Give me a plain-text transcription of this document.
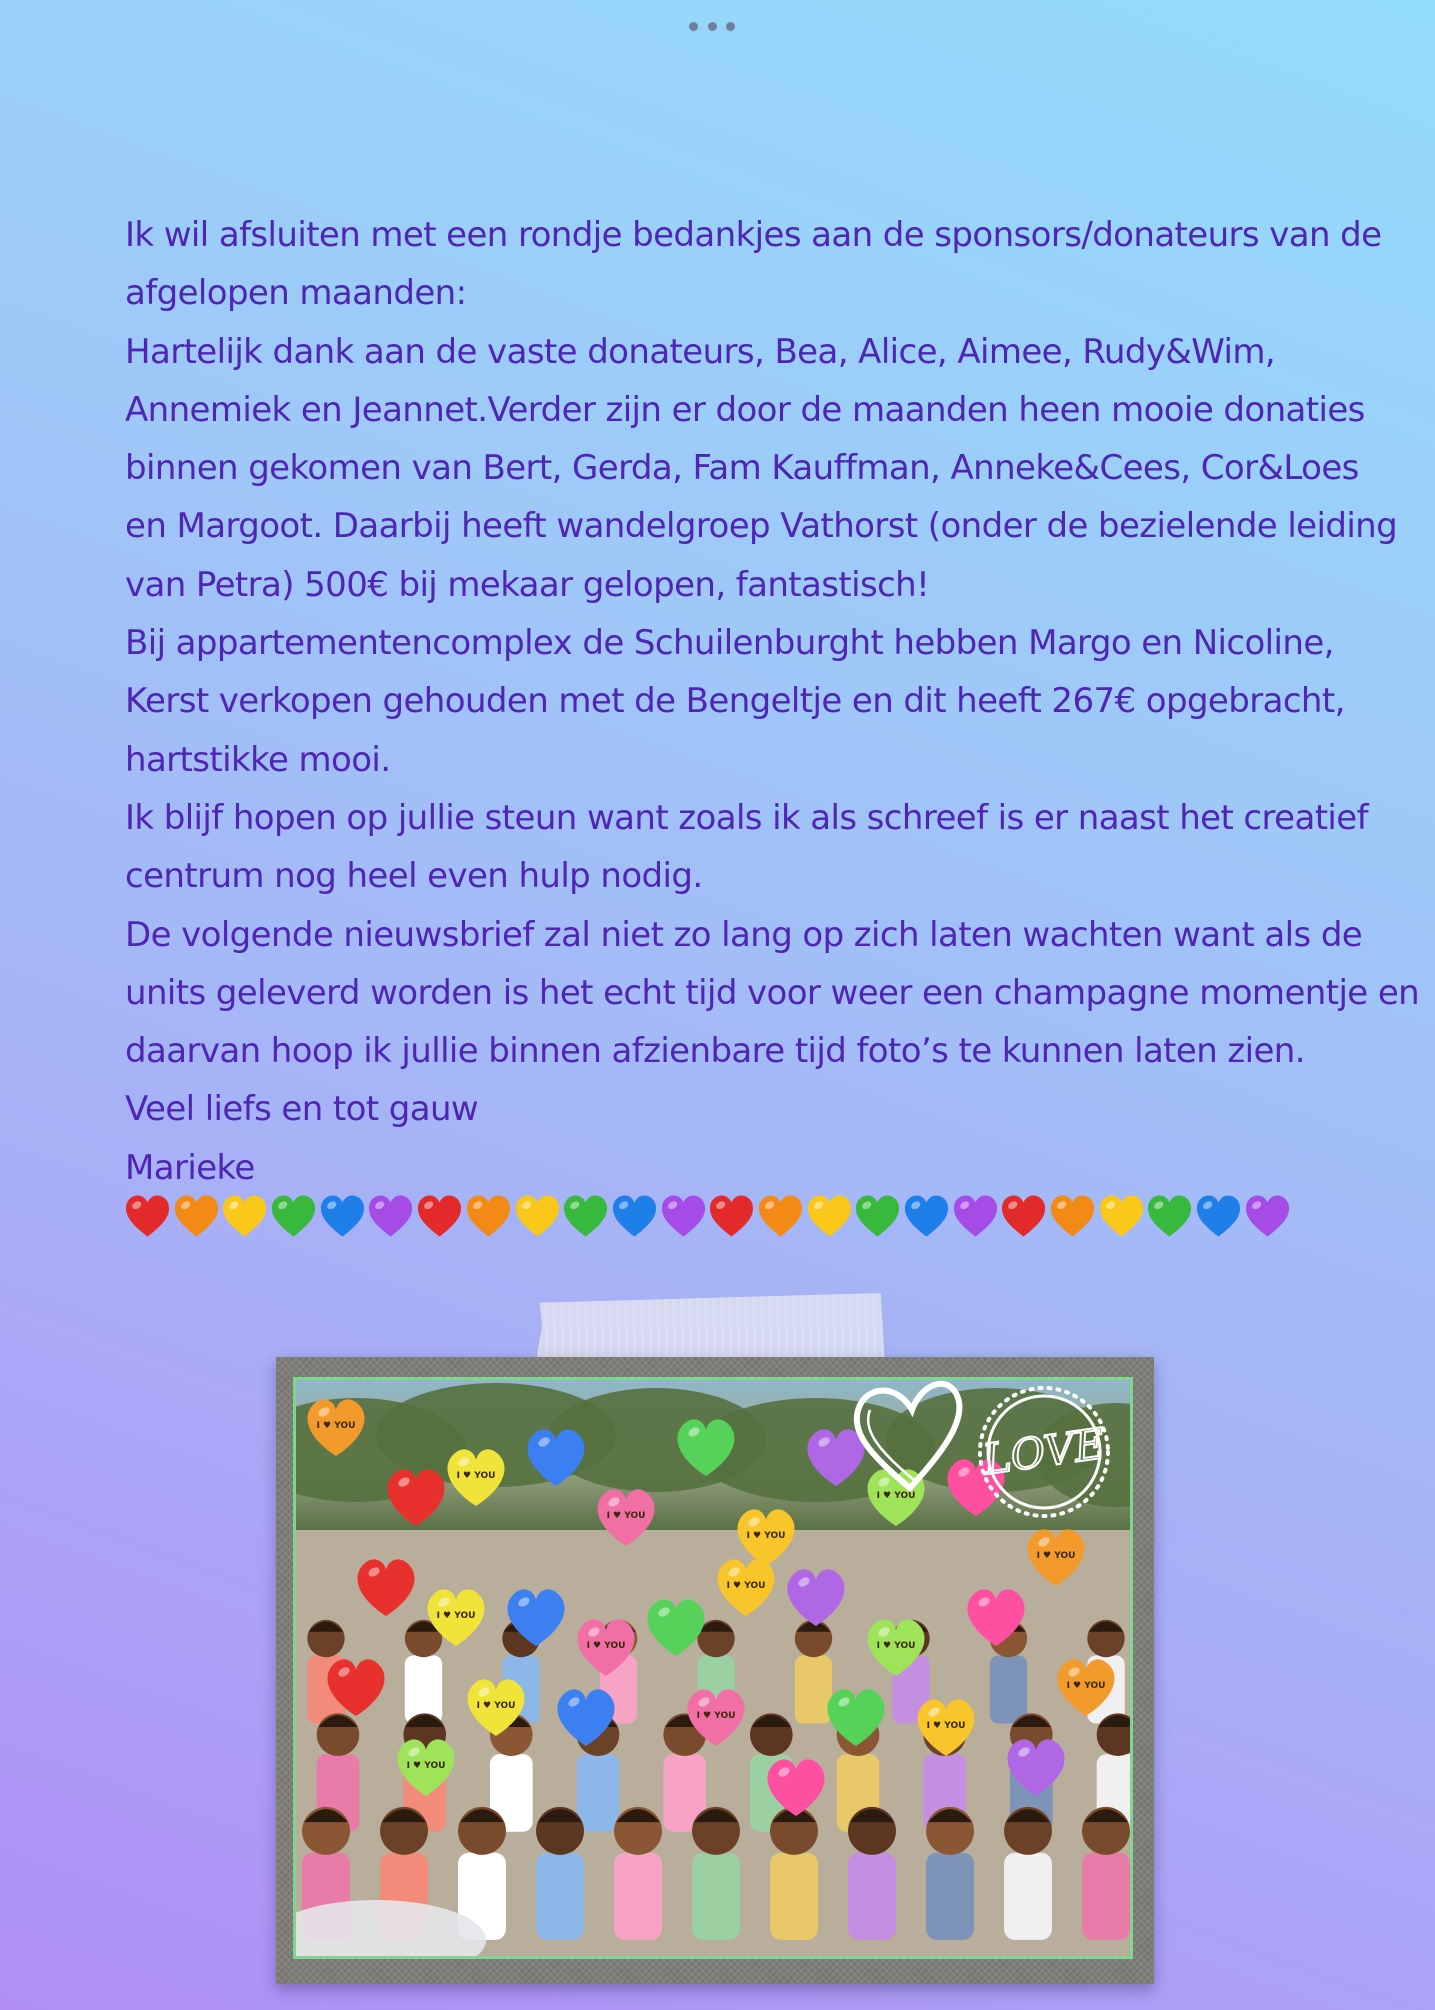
Ik wil afsluiten met een rondje bedankjes aan de sponsors/donateurs van de
afgelopen maanden:
Hartelijk dank aan de vaste donateurs, Bea, Alice, Aimee, Rudy&Wim,
Annemiek en Jeannet.Verder zijn er door de maanden heen mooie donaties
binnen gekomen van Bert, Gerda, Fam Kauffman, Anneke&Cees, Cor&Loes
en Margoot. Daarbij heeft wandelgroep Vathorst (onder de bezielende leiding
van Petra) 500€ bij mekaar gelopen, fantastisch!
Bij appartementencomplex de Schuilenburght hebben Margo en Nicoline,
Kerst verkopen gehouden met de Bengeltje en dit heeft 267€ opgebracht,
hartstikke mooi.
Ik blijf hopen op jullie steun want zoals ik als schreef is er naast het creatief
centrum nog heel even hulp nodig.
De volgende nieuwsbrief zal niet zo lang op zich laten wachten want als de
units geleverd worden is het echt tijd voor weer een champagne momentje en
daarvan hoop ik jullie binnen afzienbare tijd foto’s te kunnen laten zien.
Veel liefs en tot gauw
Marieke
I ♥ YOU
I ♥ YOU
I ♥ YOU
I ♥ YOU
I ♥ YOU
I ♥ YOU
I ♥ YOU
I ♥ YOU
I ♥ YOU
I ♥ YOU
I ♥ YOU
I ♥ YOU
I ♥ YOU
I ♥ YOU
I ♥ YOU
LOVE
